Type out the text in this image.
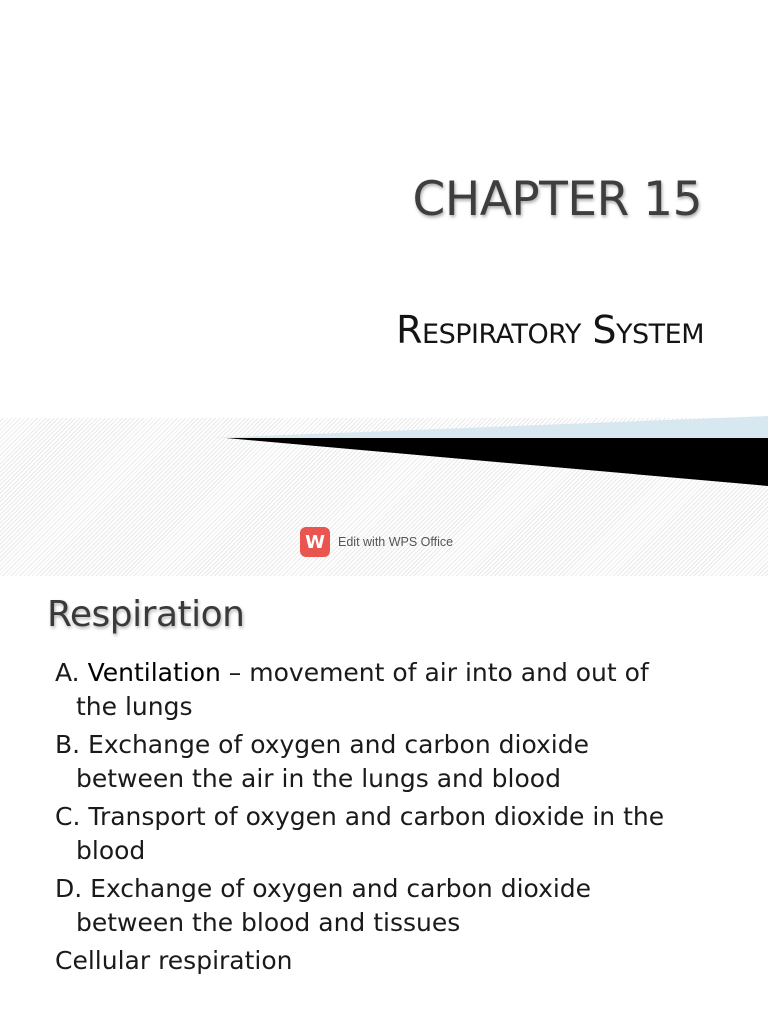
CHAPTER 15
Respiratory System
W	Edit with WPS Office
Respiration
A. Ventilation – movement of air into and out of
the lungs
B. Exchange of oxygen and carbon dioxide
between the air in the lungs and blood
C. Transport of oxygen and carbon dioxide in the
blood
D. Exchange of oxygen and carbon dioxide
between the blood and tissues
Cellular respiration
